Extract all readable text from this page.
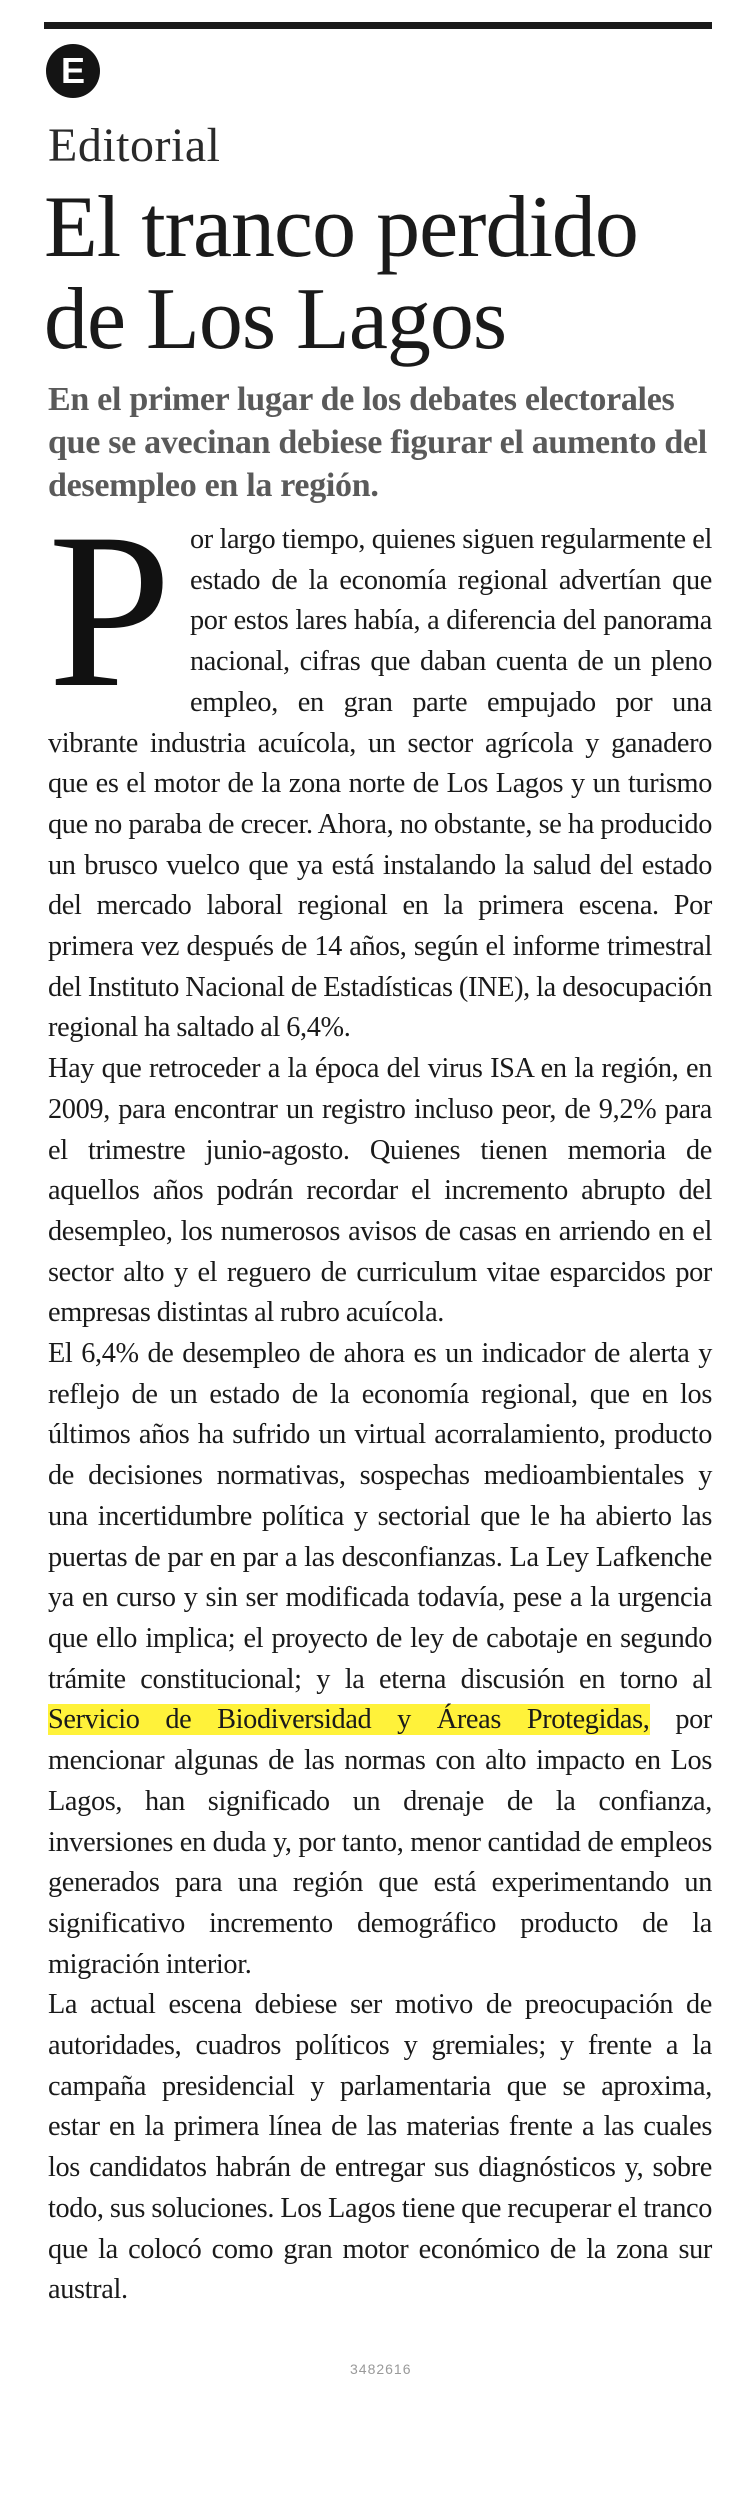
E
Editorial
El tranco perdido de Los Lagos
En el primer lugar de los debates electorales que se avecinan debiese figurar el aumento del desempleo en la región.

Por largo tiempo, quienes siguen regularmente el estado de la economía regional advertían que por estos lares había, a diferencia del panorama nacional, cifras que daban cuenta de un pleno empleo, en gran parte empujado por una vibrante industria acuícola, un sector agrícola y ganadero que es el motor de la zona norte de Los Lagos y un turismo que no paraba de crecer. Ahora, no obstante, se ha producido un brusco vuelco que ya está instalando la salud del estado del mercado laboral regional en la primera escena. Por primera vez después de 14 años, según el informe trimestral del Instituto Nacional de Estadísticas (INE), la desocupación regional ha saltado al 6,4%.

Hay que retroceder a la época del virus ISA en la región, en 2009, para encontrar un registro incluso peor, de 9,2% para el trimestre junio-agosto. Quienes tienen memoria de aquellos años podrán recordar el incremento abrupto del desempleo, los numerosos avisos de casas en arriendo en el sector alto y el reguero de curriculum vitae esparcidos por empresas distintas al rubro acuícola.

El 6,4% de desempleo de ahora es un indicador de alerta y reflejo de un estado de la economía regional, que en los últimos años ha sufrido un virtual acorralamiento, producto de decisiones normativas, sospechas medioambientales y una incertidumbre política y sectorial que le ha abierto las puertas de par en par a las desconfianzas. La Ley Lafkenche ya en curso y sin ser modificada todavía, pese a la urgencia que ello implica; el proyecto de ley de cabotaje en segundo trámite constitucional; y la eterna discusión en torno al Servicio de Biodiversidad y Áreas Protegidas, por mencionar algunas de las normas con alto impacto en Los Lagos, han significado un drenaje de la confianza, inversiones en duda y, por tanto, menor cantidad de empleos generados para una región que está experimentando un significativo incremento demográfico producto de la migración interior.

La actual escena debiese ser motivo de preocupación de autoridades, cuadros políticos y gremiales; y frente a la campaña presidencial y parlamentaria que se aproxima, estar en la primera línea de las materias frente a las cuales los candidatos habrán de entregar sus diagnósticos y, sobre todo, sus soluciones. Los Lagos tiene que recuperar el tranco que la colocó como gran motor económico de la zona sur austral.

3482616
